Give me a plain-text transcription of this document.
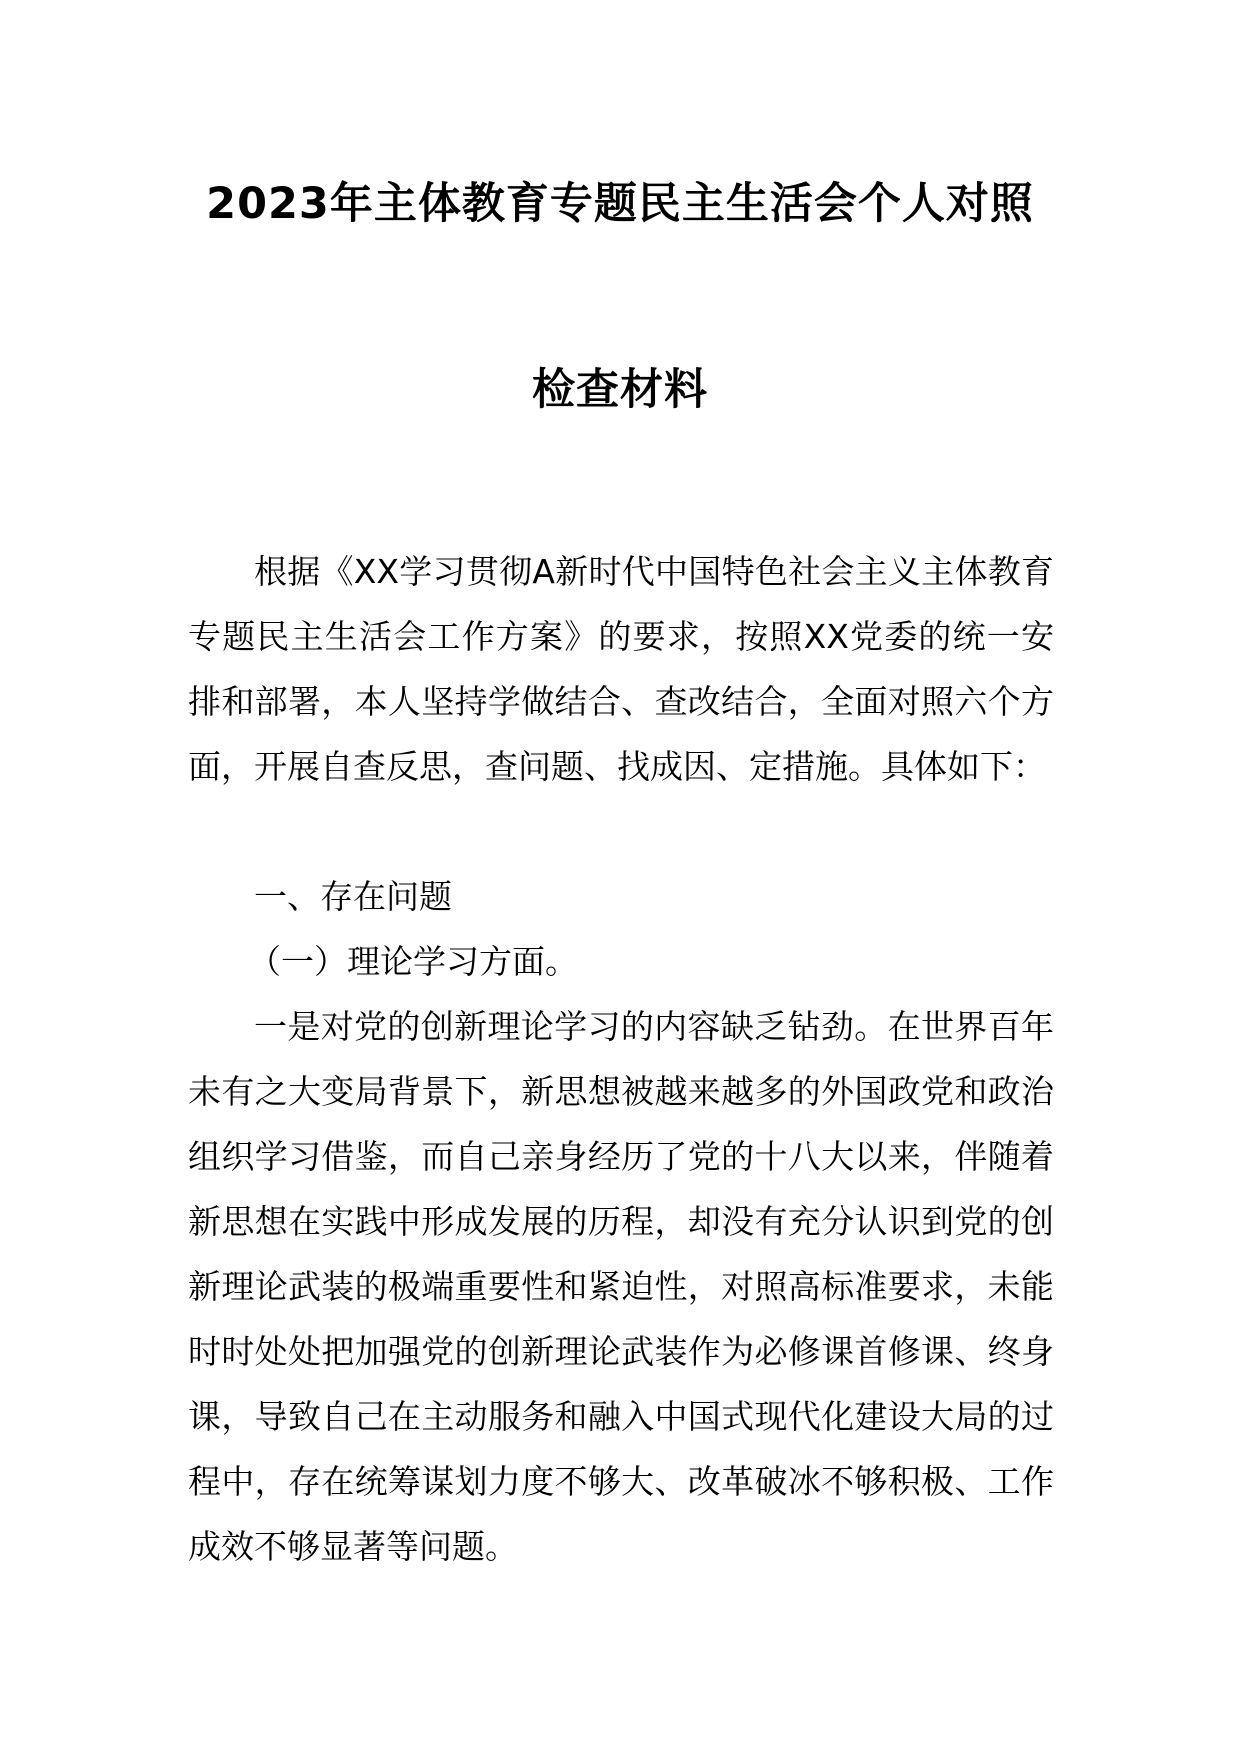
2023年主体教育专题民主生活会个人对照
检查材料

根据《XX学习贯彻A新时代中国特色社会主义主体教育专题民主生活会工作方案》的要求，按照XX党委的统一安排和部署，本人坚持学做结合、查改结合，全面对照六个方面，开展自查反思，查问题、找成因、定措施。具体如下：

一、存在问题

（一）理论学习方面。

一是对党的创新理论学习的内容缺乏钻劲。在世界百年未有之大变局背景下，新思想被越来越多的外国政党和政治组织学习借鉴，而自己亲身经历了党的十八大以来，伴随着新思想在实践中形成发展的历程，却没有充分认识到党的创新理论武装的极端重要性和紧迫性，对照高标准要求，未能时时处处把加强党的创新理论武装作为必修课首修课、终身课，导致自己在主动服务和融入中国式现代化建设大局的过程中，存在统筹谋划力度不够大、改革破冰不够积极、工作成效不够显著等问题。
